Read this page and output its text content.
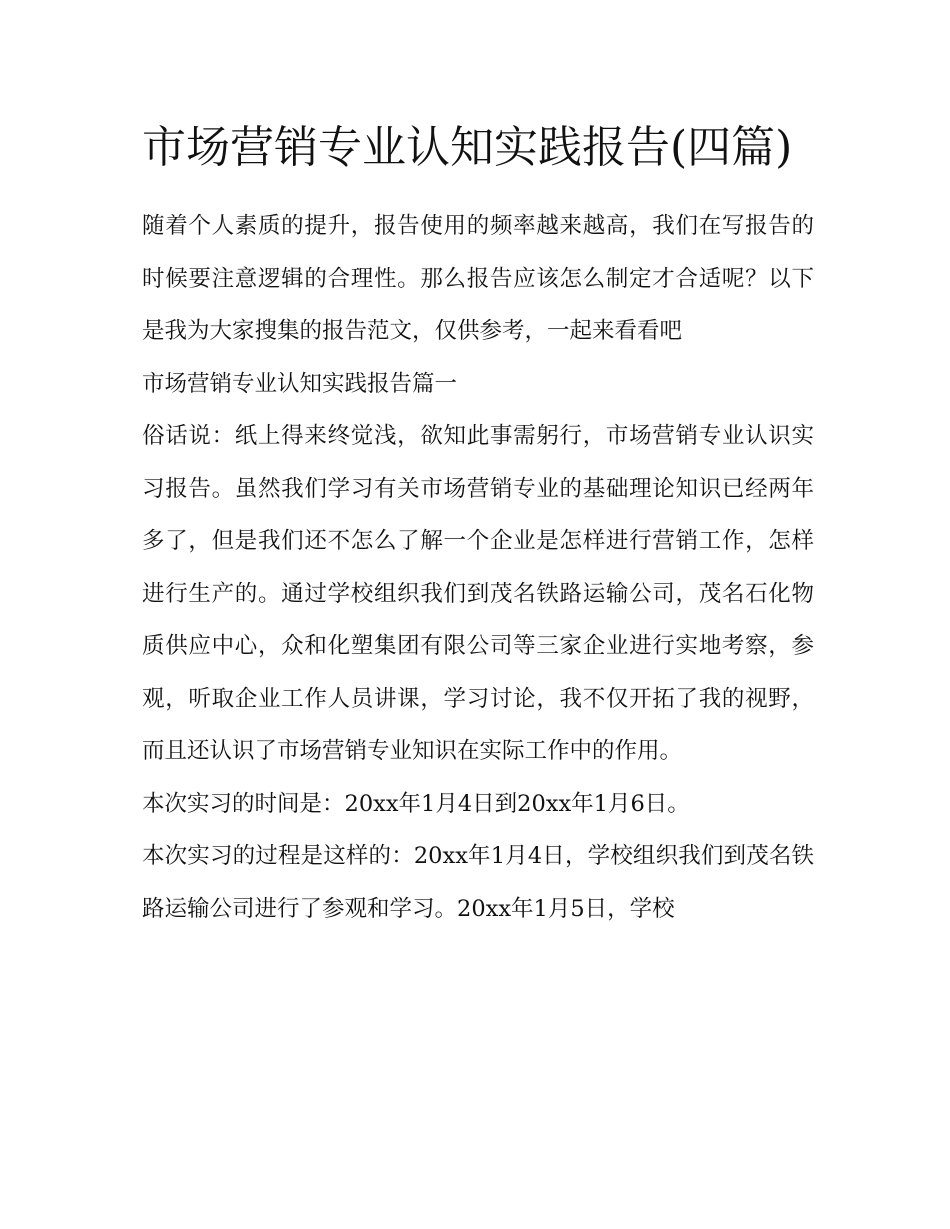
市场营销专业认知实践报告(四篇)

随着个人素质的提升，报告使用的频率越来越高，我们在写报告的时候要注意逻辑的合理性。那么报告应该怎么制定才合适呢？以下是我为大家搜集的报告范文，仅供参考，一起来看看吧

市场营销专业认知实践报告篇一

俗话说：纸上得来终觉浅，欲知此事需躬行，市场营销专业认识实习报告。虽然我们学习有关市场营销专业的基础理论知识已经两年多了，但是我们还不怎么了解一个企业是怎样进行营销工作，怎样进行生产的。通过学校组织我们到茂名铁路运输公司，茂名石化物质供应中心，众和化塑集团有限公司等三家企业进行实地考察，参观，听取企业工作人员讲课，学习讨论，我不仅开拓了我的视野，而且还认识了市场营销专业知识在实际工作中的作用。

本次实习的时间是：20xx年1月4日到20xx年1月6日。

本次实习的过程是这样的：20xx年1月4日，学校组织我们到茂名铁路运输公司进行了参观和学习。20xx年1月5日，学校
